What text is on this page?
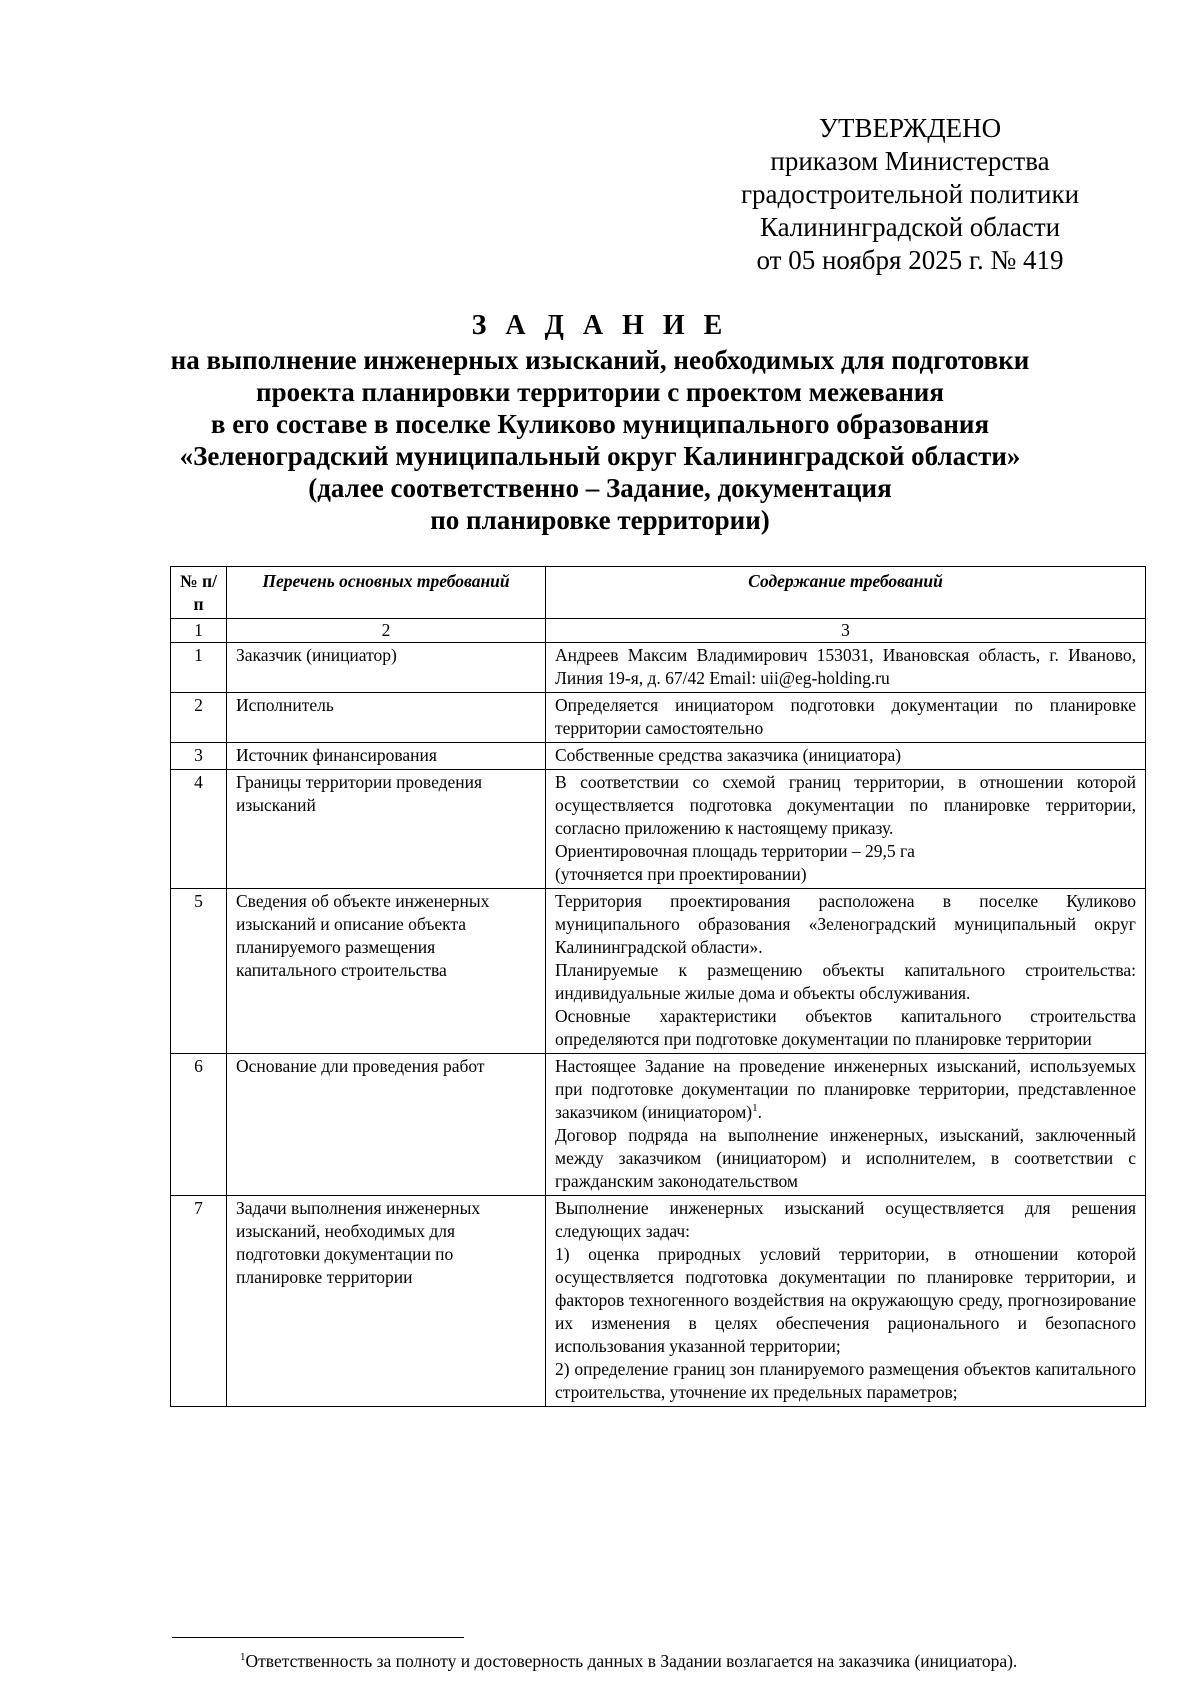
УТВЕРЖДЕНО
приказом Министерства
градостроительной политики
Калининградской области
от 05 ноября 2025 г. № 419
З А Д А Н И Е
на выполнение инженерных изысканий, необходимых для подготовки
проекта планировки территории с проектом межевания
в его составе в поселке Куликово муниципального образования
«Зеленоградский муниципальный округ Калининградской области»
(далее соответственно – Задание, документация
по планировке территории)
№ п/п	Перечень основных требований	Содержание требований
1	2	3
1	Заказчик (инициатор)	Андреев Максим Владимирович 153031, Ивановская область, г. Иваново, Линия 19-я, д. 67/42 Email: uii@eg-holding.ru

2	Исполнитель	Определяется инициатором подготовки документации по планировке территории самостоятельно

3	Источник финансирования	Собственные средства заказчика (инициатора)

4	Границы территории проведения изысканий	В соответствии со схемой границ территории, в отношении которой осуществляется подготовка документации по планировке территории, согласно приложению к настоящему приказу.

Ориентировочная площадь территории – 29,5 га

(уточняется при проектировании)

5	Сведения об объекте инженерных изысканий и описание объекта планируемого размещения капитального строительства	Территория проектирования расположена в поселке Куликово муниципального образования «Зеленоградский муниципальный округ Калининградской области».

Планируемые к размещению объекты капитального строительства: индивидуальные жилые дома и объекты обслуживания.

Основные характеристики объектов капитального строительства определяются при подготовке документации по планировке территории

6	Основание дли проведения работ	Настоящее Задание на проведение инженерных изысканий, используемых при подготовке документации по планировке территории, представленное заказчиком (инициатором)$^1$.

Договор подряда на выполнение инженерных, изысканий, заключенный между заказчиком (инициатором) и исполнителем, в соответствии с гражданским законодательством

7	Задачи выполнения инженерных изысканий, необходимых для подготовки документации по планировке территории	Выполнение инженерных изысканий осуществляется для решения следующих задач:

1) оценка природных условий территории, в отношении которой осуществляется подготовка документации по планировке территории, и факторов техногенного воздействия на окружающую среду, прогнозирование их изменения в целях обеспечения рационального и безопасного использования указанной территории;

2) определение границ зон планируемого размещения объектов капитального строительства, уточнение их предельных параметров;

$^1$Ответственность за полноту и достоверность данных в Задании возлагается на заказчика (инициатора).
